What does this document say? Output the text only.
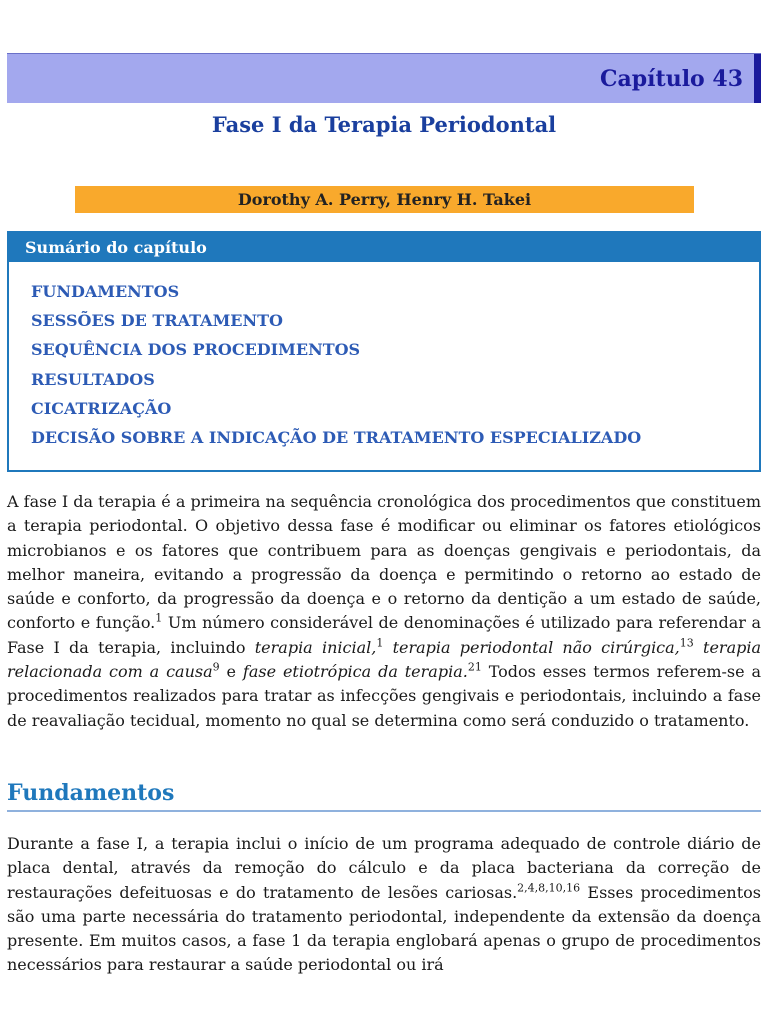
Capítulo 43
Fase I da Terapia Periodontal
Dorothy A. Perry, Henry H. Takei
Sumário do capítulo
FUNDAMENTOS
SESSÕES DE TRATAMENTO
SEQUÊNCIA DOS PROCEDIMENTOS
RESULTADOS
CICATRIZAÇÃO
DECISÃO SOBRE A INDICAÇÃO DE TRATAMENTO ESPECIALIZADO

A fase I da terapia é a primeira na sequência cronológica dos procedimentos que constituem a terapia periodontal. O objetivo dessa fase é modificar ou eliminar os fatores etiológicos microbianos e os fatores que contribuem para as doenças gengivais e periodontais, da melhor maneira, evitando a progressão da doença e permitindo o retorno ao estado de saúde e conforto, da progressão da doença e o retorno da dentição a um estado de saúde, conforto e função.$^1$ Um número considerável de denominações é utilizado para referendar a Fase I da terapia, incluindo terapia inicial,$^1$ terapia periodontal não cirúrgica,$^{13}$ terapia relacionada com a causa$^9$ e fase etiotrópica da terapia.$^{21}$ Todos esses termos referem-se a procedimentos realizados para tratar as infecções gengivais e periodontais, incluindo a fase de reavaliação tecidual, momento no qual se determina como será conduzido o tratamento.

Fundamentos

Durante a fase I, a terapia inclui o início de um programa adequado de controle diário de placa dental, através da remoção do cálculo e da placa bacteriana da correção de restaurações defeituosas e do tratamento de lesões cariosas.$^{2,4,8,10,16}$ Esses procedimentos são uma parte necessária do tratamento periodontal, independente da extensão da doença presente. Em muitos casos, a fase 1 da terapia englobará apenas o grupo de procedimentos necessários para restaurar a saúde periodontal ou irá
